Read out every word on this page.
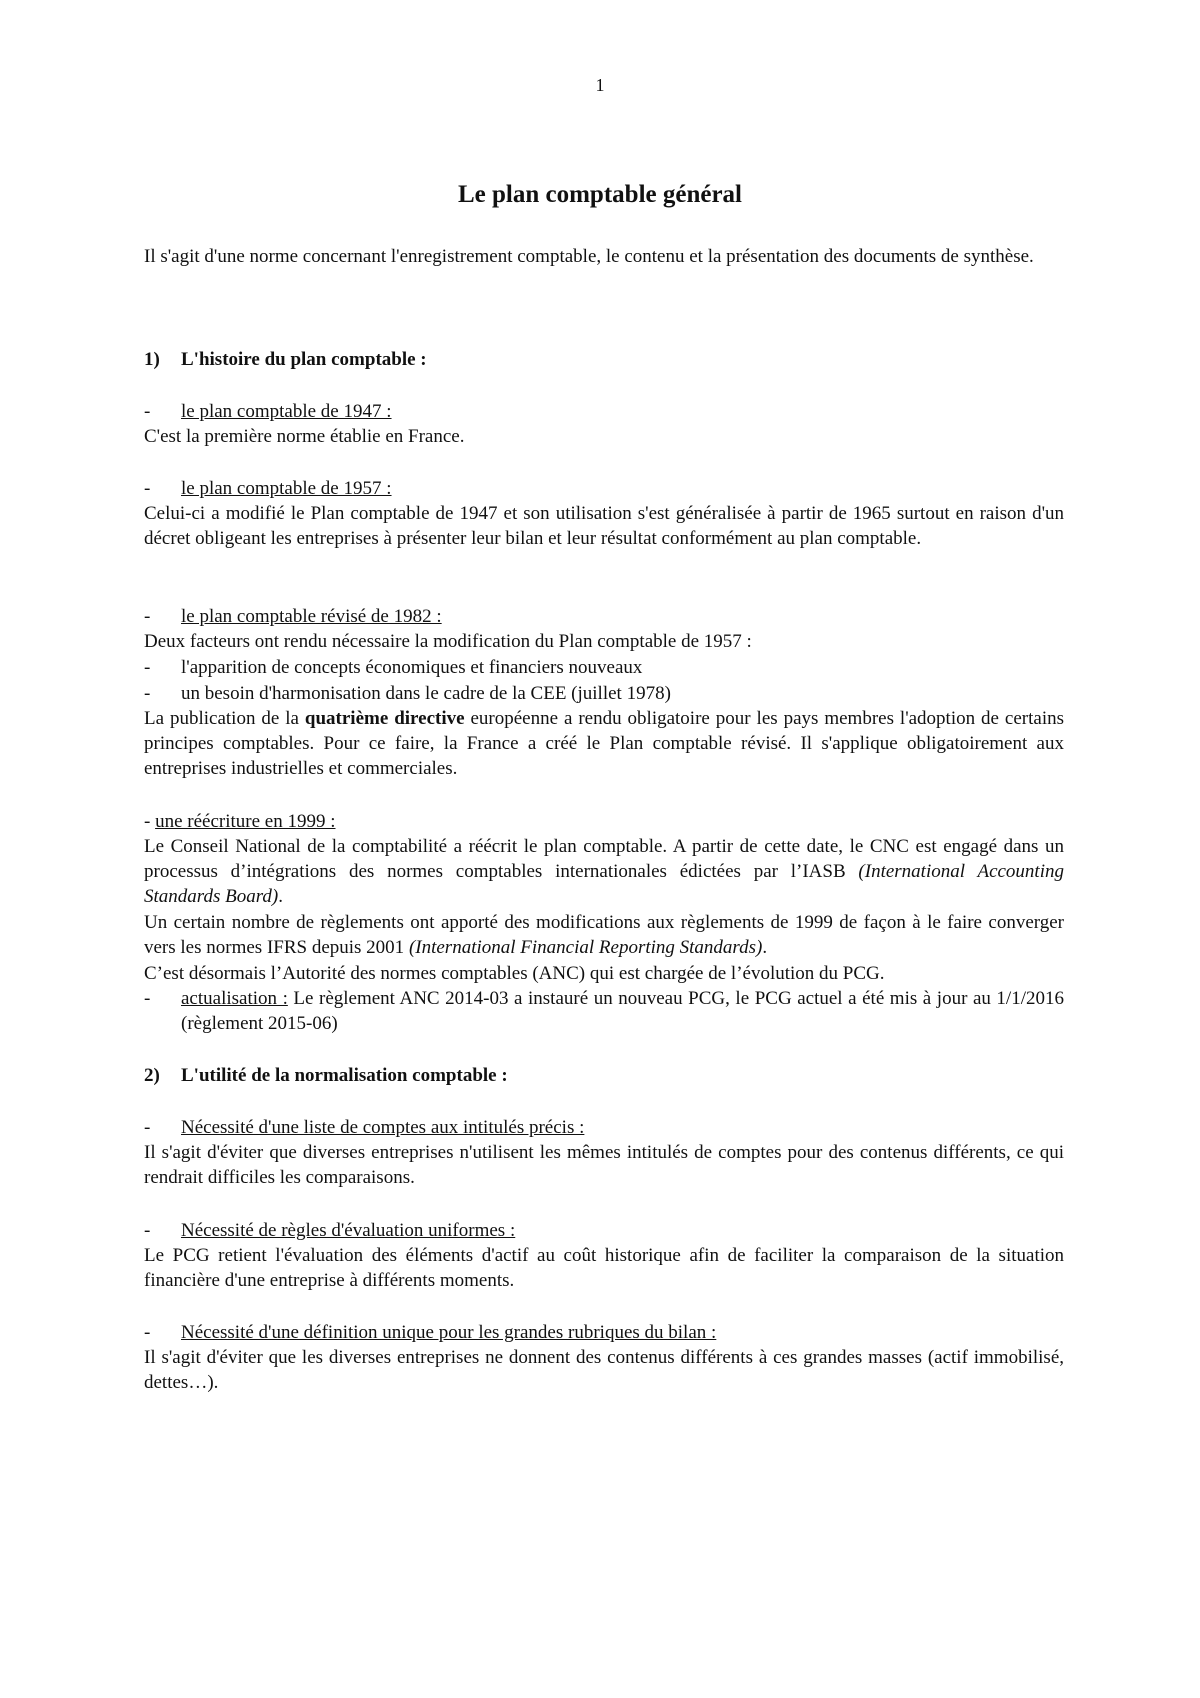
1
Le plan comptable général

Il s'agit d'une norme concernant l'enregistrement comptable, le contenu et la présentation des documents de synthèse.

1) L'histoire du plan comptable :
- le plan comptable de 1947 :

C'est la première norme établie en France.

- le plan comptable de 1957 :

Celui-ci a modifié le Plan comptable de 1947 et son utilisation s'est généralisée à partir de 1965 surtout en raison d'un décret obligeant les entreprises à présenter leur bilan et leur résultat conformément au plan comptable.

- le plan comptable révisé de 1982 :

Deux facteurs ont rendu nécessaire la modification du Plan comptable de 1957 :

- l'apparition de concepts économiques et financiers nouveaux
- un besoin d'harmonisation dans le cadre de la CEE (juillet 1978)

La publication de la quatrième directive européenne a rendu obligatoire pour les pays membres l'adoption de certains principes comptables. Pour ce faire, la France a créé le Plan comptable révisé. Il s'applique obligatoirement aux entreprises industrielles et commerciales.

- une réécriture en 1999 :

Le Conseil National de la comptabilité a réécrit le plan comptable. A partir de cette date, le CNC est engagé dans un processus d’intégrations des normes comptables internationales édictées par l’IASB (International Accounting Standards Board).

Un certain nombre de règlements ont apporté des modifications aux règlements de 1999 de façon à le faire converger vers les normes IFRS depuis 2001 (International Financial Reporting Standards).

C’est désormais l’Autorité des normes comptables (ANC) qui est chargée de l’évolution du PCG.

- actualisation : Le règlement ANC 2014-03 a instauré un nouveau PCG, le PCG actuel a été mis à jour au 1/1/2016 (règlement 2015-06)

2) L'utilité de la normalisation comptable :
- Nécessité d'une liste de comptes aux intitulés précis :

Il s'agit d'éviter que diverses entreprises n'utilisent les mêmes intitulés de comptes pour des contenus différents, ce qui rendrait difficiles les comparaisons.

- Nécessité de règles d'évaluation uniformes :

Le PCG retient l'évaluation des éléments d'actif au coût historique afin de faciliter la comparaison de la situation financière d'une entreprise à différents moments.

- Nécessité d'une définition unique pour les grandes rubriques du bilan :

Il s'agit d'éviter que les diverses entreprises ne donnent des contenus différents à ces grandes masses (actif immobilisé, dettes…).
